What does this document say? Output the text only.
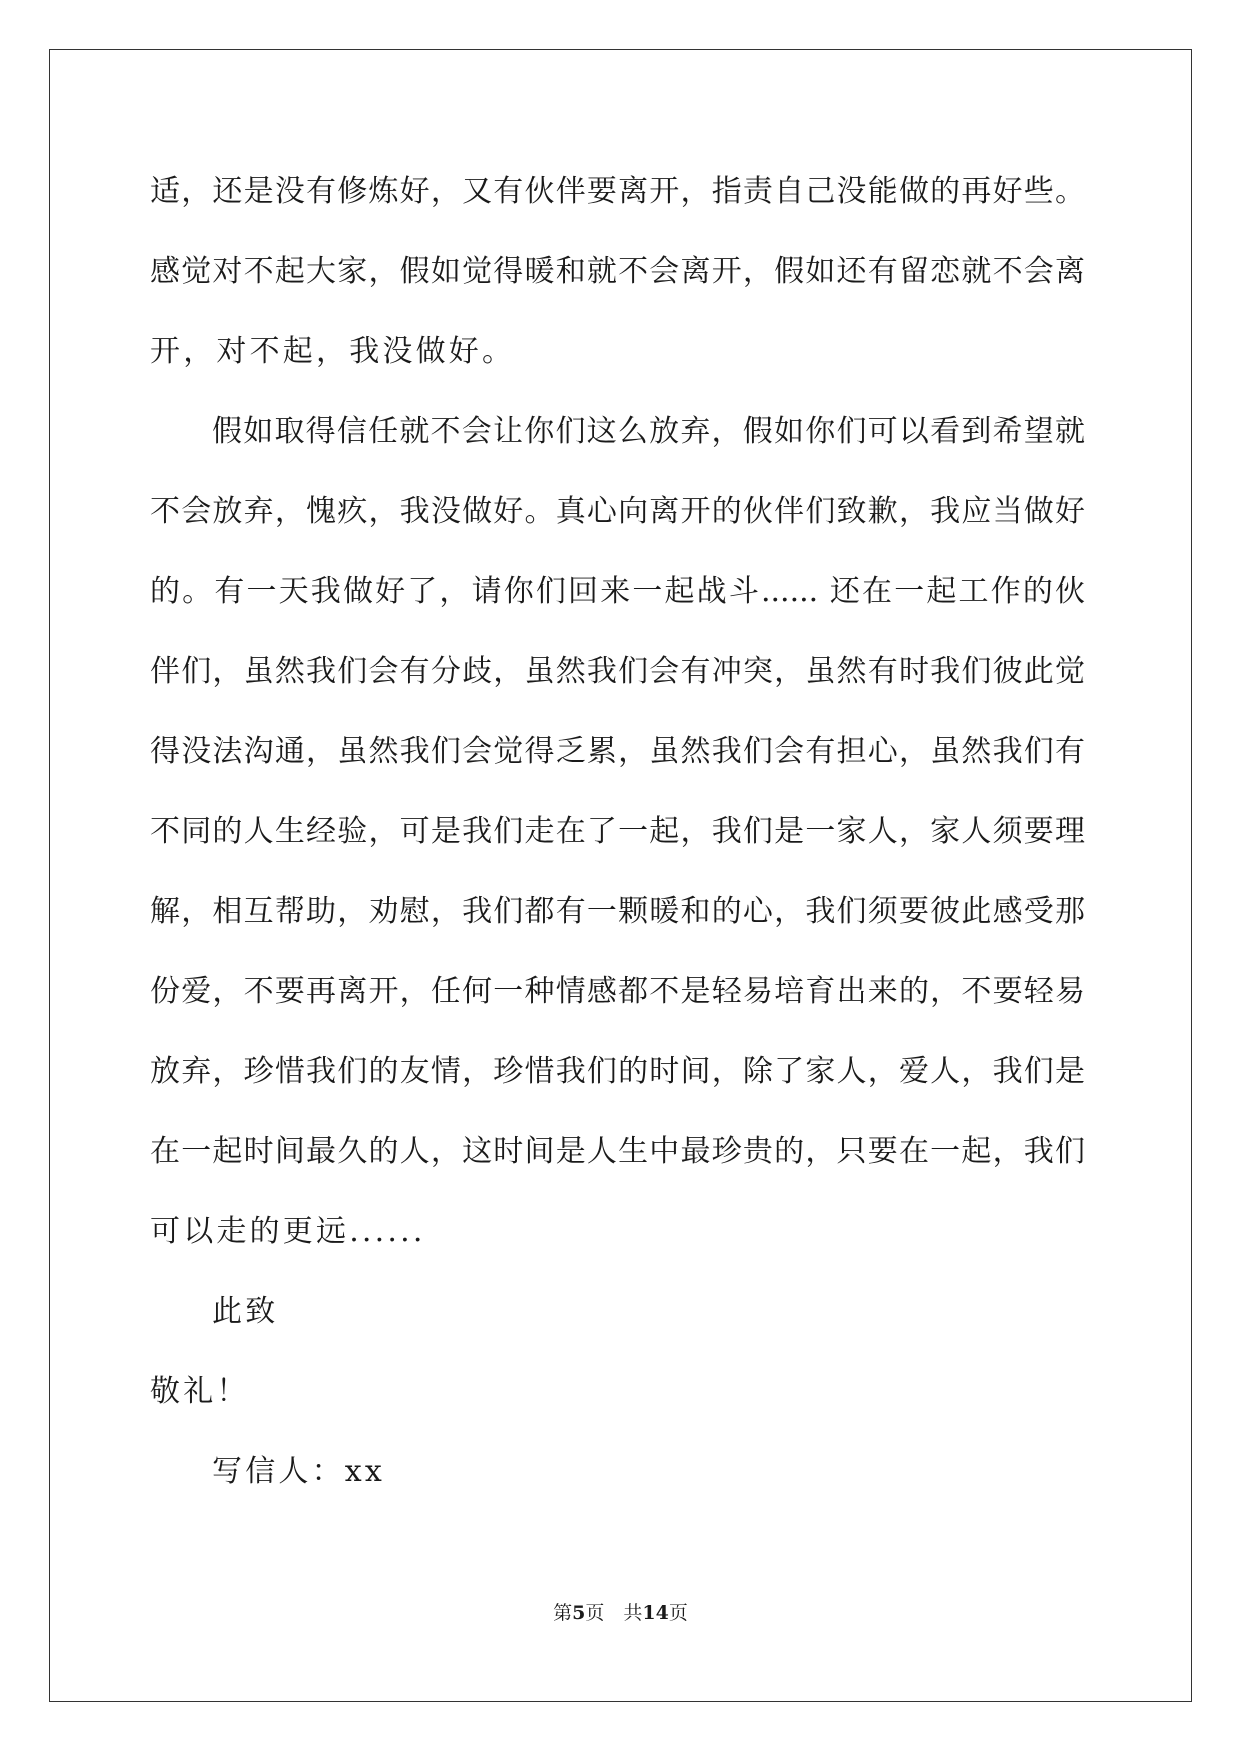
适，还是没有修炼好，又有伙伴要离开，指责自己没能做的再好些。
感觉对不起大家，假如觉得暖和就不会离开，假如还有留恋就不会离
开，对不起，我没做好。
假如取得信任就不会让你们这么放弃，假如你们可以看到希望就
不会放弃，愧疚，我没做好。真心向离开的伙伴们致歉，我应当做好
的。有一天我做好了，请你们回来一起战斗...... 还在一起工作的伙
伴们，虽然我们会有分歧，虽然我们会有冲突，虽然有时我们彼此觉
得没法沟通，虽然我们会觉得乏累，虽然我们会有担心，虽然我们有
不同的人生经验，可是我们走在了一起，我们是一家人，家人须要理
解，相互帮助，劝慰，我们都有一颗暖和的心，我们须要彼此感受那
份爱，不要再离开，任何一种情感都不是轻易培育出来的，不要轻易
放弃，珍惜我们的友情，珍惜我们的时间，除了家人，爱人，我们是
在一起时间最久的人，这时间是人生中最珍贵的，只要在一起，我们
可以走的更远......
此致
敬礼！
写信人：xx
第5页　共14页
